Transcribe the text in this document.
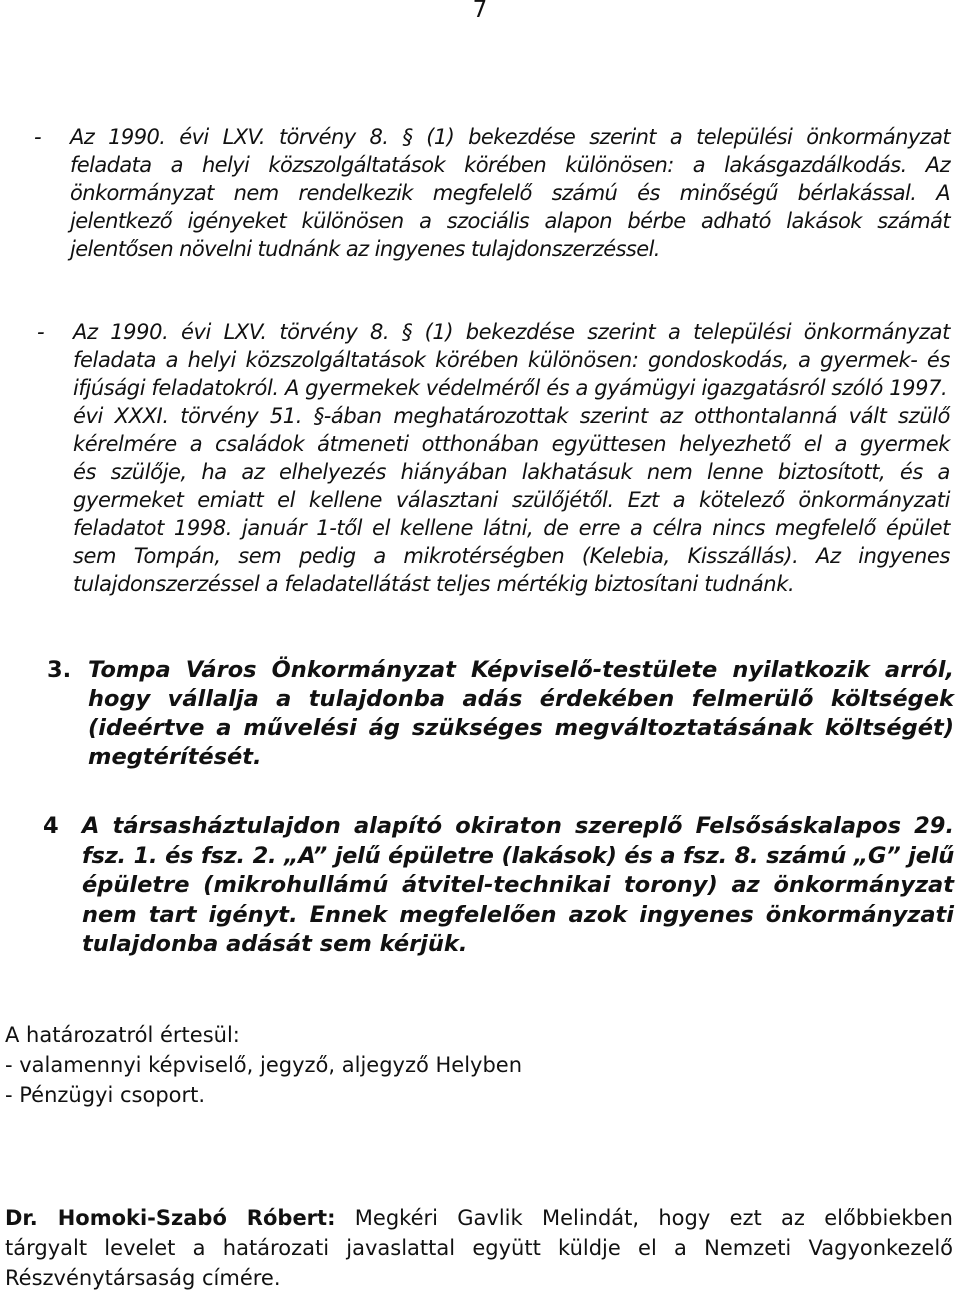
7
- Az 1990. évi LXV. törvény 8. § (1) bekezdése szerint a települési önkormányzat
feladata a helyi közszolgáltatások körében különösen: a lakásgazdálkodás. Az
önkormányzat nem rendelkezik megfelelő számú és minőségű bérlakással. A
jelentkező igényeket különösen a szociális alapon bérbe adható lakások számát
jelentősen növelni tudnánk az ingyenes tulajdonszerzéssel.
- Az 1990. évi LXV. törvény 8. § (1) bekezdése szerint a települési önkormányzat
feladata a helyi közszolgáltatások körében különösen: gondoskodás, a gyermek- és
ifjúsági feladatokról. A gyermekek védelméről és a gyámügyi igazgatásról szóló 1997.
évi XXXI. törvény 51. §-ában meghatározottak szerint az otthontalanná vált szülő
kérelmére a családok átmeneti otthonában együttesen helyezhető el a gyermek
és szülője, ha az elhelyezés hiányában lakhatásuk nem lenne biztosított, és a
gyermeket emiatt el kellene választani szülőjétől. Ezt a kötelező önkormányzati
feladatot 1998. január 1-től el kellene látni, de erre a célra nincs megfelelő épület
sem Tompán, sem pedig a mikrotérségben (Kelebia, Kisszállás). Az ingyenes
tulajdonszerzéssel a feladatellátást teljes mértékig biztosítani tudnánk.
3. Tompa Város Önkormányzat Képviselő-testülete nyilatkozik arról,
hogy vállalja a tulajdonba adás érdekében felmerülő költségek
(ideértve a művelési ág szükséges megváltoztatásának költségét)
megtérítését.
4 A társasháztulajdon alapító okiraton szereplő Felsősáskalapos 29.
fsz. 1. és fsz. 2. „A” jelű épületre (lakások) és a fsz. 8. számú „G” jelű
épületre (mikrohullámú átvitel-technikai torony) az önkormányzat
nem tart igényt. Ennek megfelelően azok ingyenes önkormányzati
tulajdonba adását sem kérjük.
A határozatról értesül:
- valamennyi képviselő, jegyző, aljegyző Helyben
- Pénzügyi csoport.
Dr. Homoki-Szabó Róbert: Megkéri Gavlik Melindát, hogy ezt az előbbiekben
tárgyalt levelet a határozati javaslattal együtt küldje el a Nemzeti Vagyonkezelő
Részvénytársaság címére.
